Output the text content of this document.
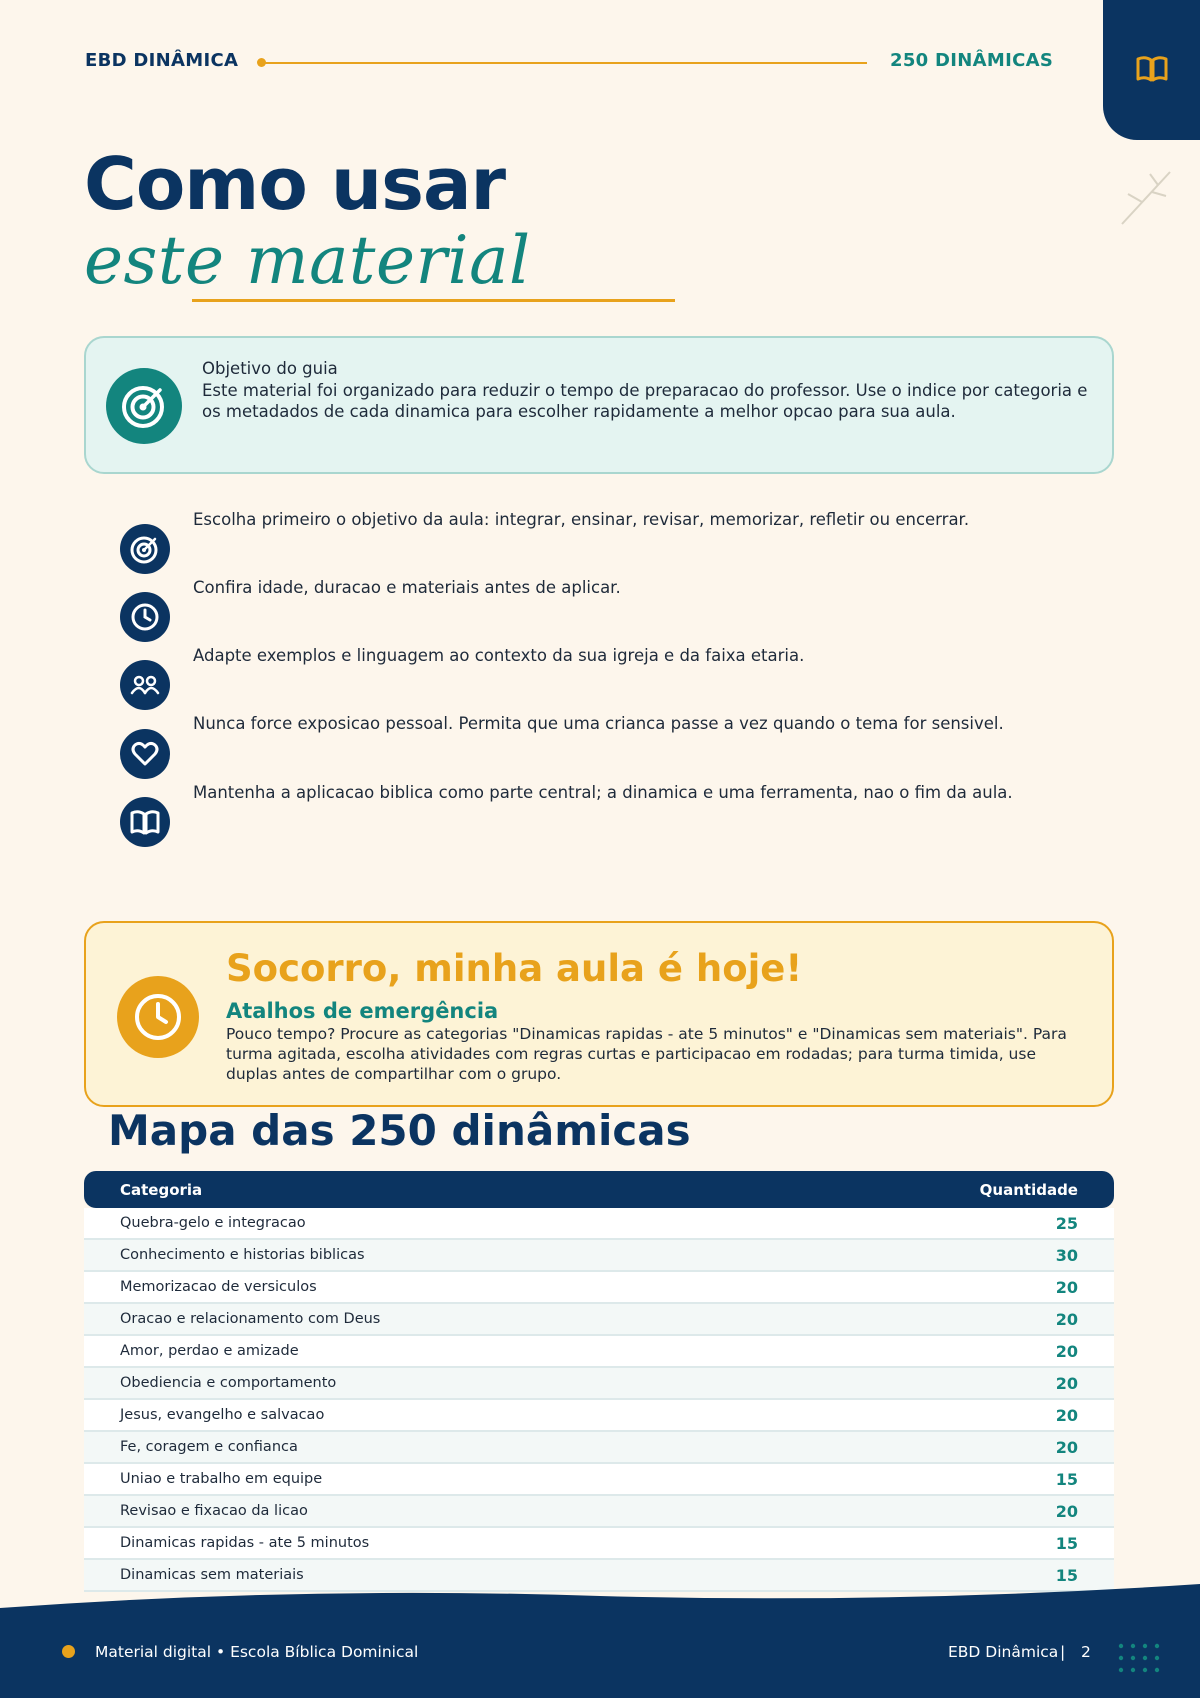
EBD DINÂMICA	250 DINÂMICAS
Como usar
este material
Objetivo do guia
Este material foi organizado para reduzir o tempo de preparacao do professor. Use o indice por categoria e os metadados de cada dinamica para escolher rapidamente a melhor opcao para sua aula.
Escolha primeiro o objetivo da aula: integrar, ensinar, revisar, memorizar, refletir ou encerrar.
Confira idade, duracao e materiais antes de aplicar.
Adapte exemplos e linguagem ao contexto da sua igreja e da faixa etaria.
Nunca force exposicao pessoal. Permita que uma crianca passe a vez quando o tema for sensivel.
Mantenha a aplicacao biblica como parte central; a dinamica e uma ferramenta, nao o fim da aula.
Socorro, minha aula é hoje!
Atalhos de emergência
Pouco tempo? Procure as categorias "Dinamicas rapidas - ate 5 minutos" e "Dinamicas sem materiais". Para turma agitada, escolha atividades com regras curtas e participacao em rodadas; para turma timida, use duplas antes de compartilhar com o grupo.
Mapa das 250 dinâmicas
Categoria	Quantidade
Quebra-gelo e integracao	25
Conhecimento e historias biblicas	30
Memorizacao de versiculos	20
Oracao e relacionamento com Deus	20
Amor, perdao e amizade	20
Obediencia e comportamento	20
Jesus, evangelho e salvacao	20
Fe, coragem e confianca	20
Uniao e trabalho em equipe	15
Revisao e fixacao da licao	20
Dinamicas rapidas - ate 5 minutos	15
Dinamicas sem materiais	15
Material digital • Escola Bíblica Dominical	EBD Dinâmica | 2
